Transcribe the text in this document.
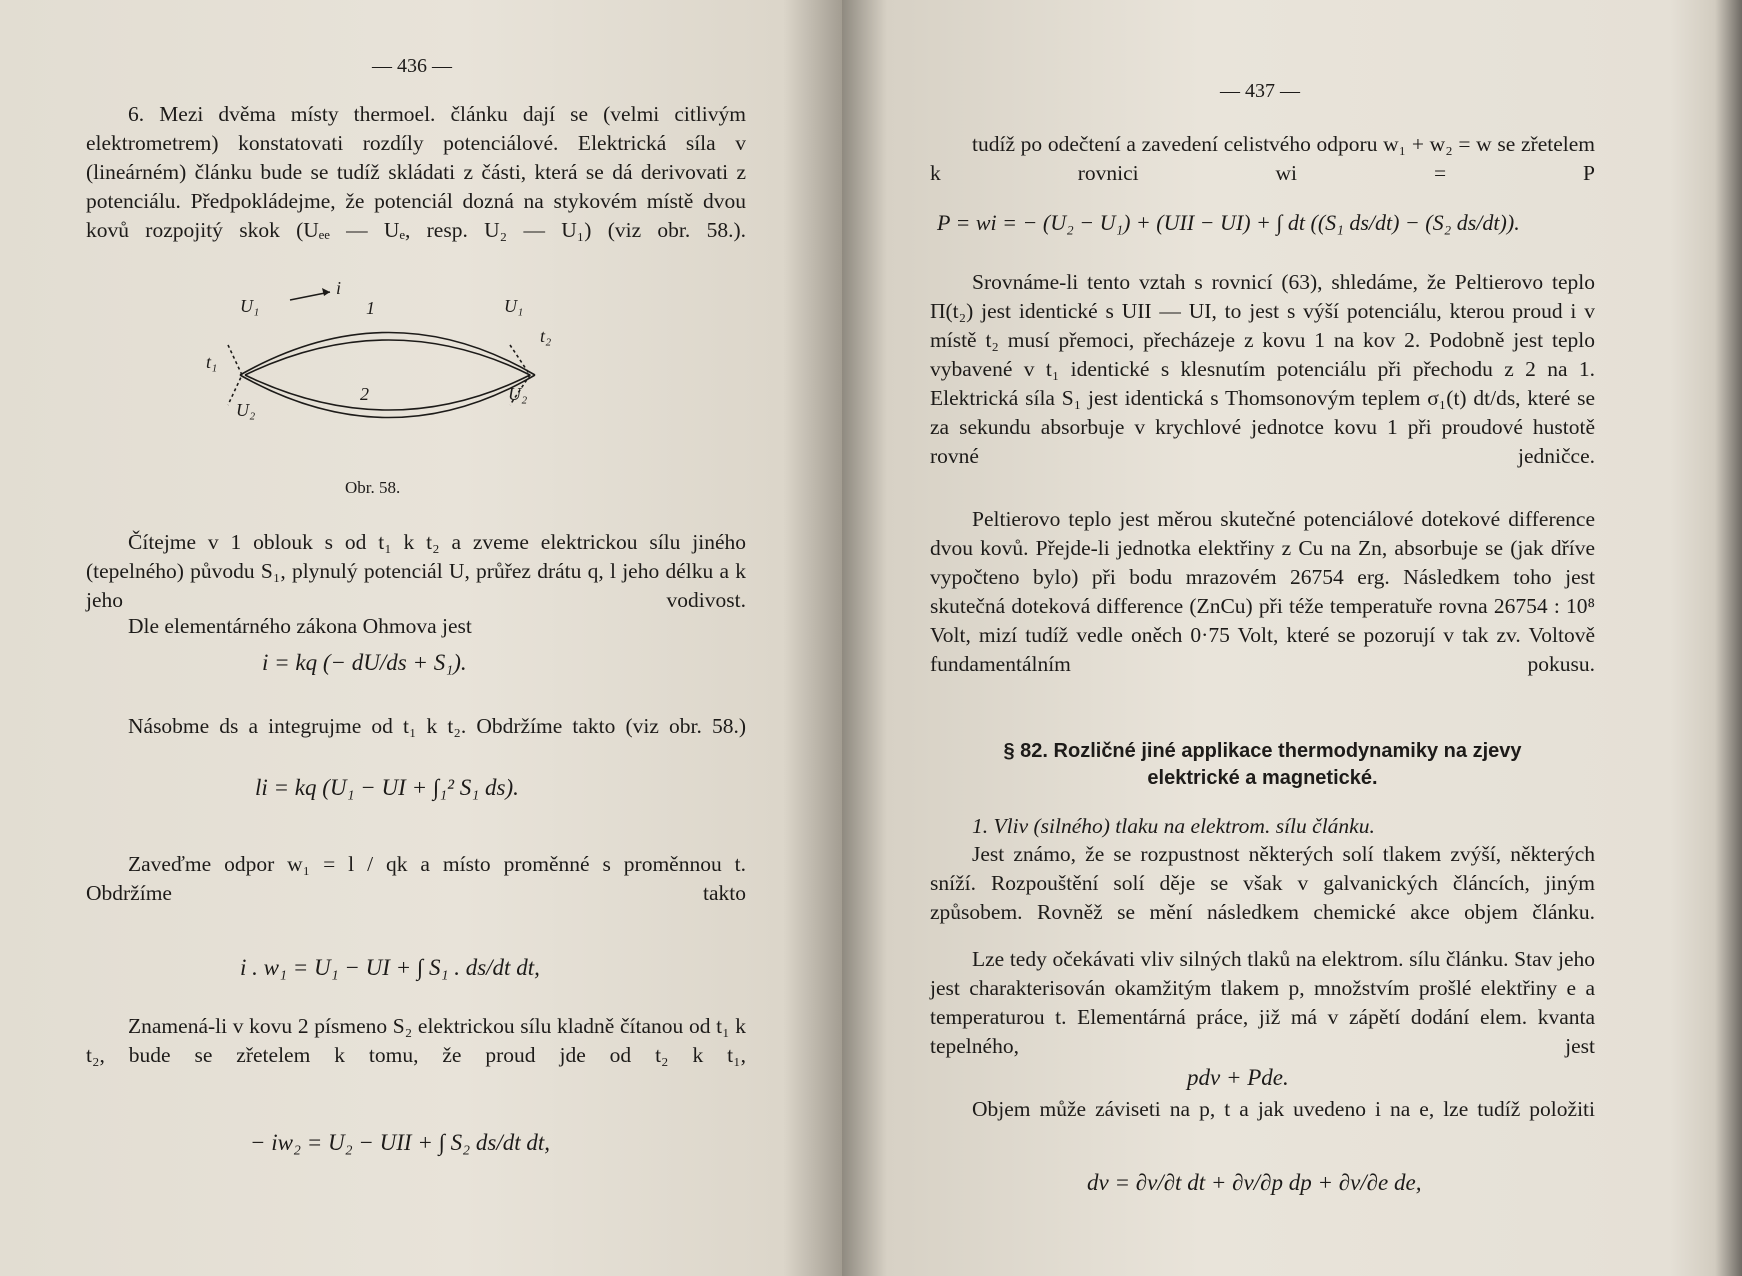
— 436 —
6. Mezi dvěma místy thermoel. článku dají se (velmi citlivým elektrometrem) konstatovati rozdíly potenciálové. Elektrická síla v (lineárném) článku bude se tudíž skládati z části, která se dá derivovati z potenciálu. Předpokládejme, že potenciál dozná na stykovém místě dvou kovů rozpojitý skok (Uₑₑ — Uₑ, resp. U₂ — U₁) (viz obr. 58.).
i
U₁	1	U₁
t₁
t₂
2
U₂
U₂
Obr. 58.
Čítejme v 1 oblouk s od t₁ k t₂ a zveme elektrickou sílu jiného (tepelného) původu S₁, plynulý potenciál U, průřez drátu q, l jeho délku a k jeho vodivost.
Dle elementárného zákona Ohmova jest
i = kq (− dU/ds + S₁).
Násobme ds a integrujme od t₁ k t₂. Obdržíme takto (viz obr. 58.)
li = kq (U₁ − UI + ∫₁² S₁ ds).
Zaveďme odpor w₁ = l / qk a místo proměnné s proměnnou t. Obdržíme takto
i . w₁ = U₁ − UI + ∫ S₁ . ds/dt dt,
Znamená-li v kovu 2 písmeno S₂ elektrickou sílu kladně čítanou od t₁ k t₂, bude se zřetelem k tomu, že proud jde od t₂ k t₁,
− iw₂ = U₂ − UII + ∫ S₂ ds/dt dt,
— 437 —
tudíž po odečtení a zavedení celistvého odporu w₁ + w₂ = w se zřetelem k rovnici wi = P
P = wi = − (U₂ − U₁) + (UII − UI) + ∫ dt ((S₁ ds/dt) − (S₂ ds/dt)).
Srovnáme-li tento vztah s rovnicí (63), shledáme, že Peltierovo teplo Π(t₂) jest identické s UII — UI, to jest s výší potenciálu, kterou proud i v místě t₂ musí přemoci, přecházeje z kovu 1 na kov 2. Podobně jest teplo vybavené v t₁ identické s klesnutím potenciálu při přechodu z 2 na 1. Elektrická síla S₁ jest identická s Thomsonovým teplem σ₁(t) dt/ds, které se za sekundu absorbuje v krychlové jednotce kovu 1 při proudové hustotě rovné jedničce.
Peltierovo teplo jest měrou skutečné potenciálové dotekové difference dvou kovů. Přejde-li jednotka elektřiny z Cu na Zn, absorbuje se (jak dříve vypočteno bylo) při bodu mrazovém 26754 erg. Následkem toho jest skutečná doteková difference (ZnCu) při téže temperatuře rovna 26754 : 10⁸ Volt, mizí tudíž vedle oněch 0·75 Volt, které se pozorují v tak zv. Voltově fundamentálním pokusu.
§ 82. Rozličné jiné applikace thermodynamiky na zjevy
elektrické a magnetické.
1. Vliv (silného) tlaku na elektrom. sílu článku.
Jest známo, že se rozpustnost některých solí tlakem zvýší, některých sníží. Rozpouštění solí děje se však v galvanických článcích, jiným způsobem. Rovněž se mění následkem chemické akce objem článku.
Lze tedy očekávati vliv silných tlaků na elektrom. sílu článku. Stav jeho jest charakterisován okamžitým tlakem p, množstvím prošlé elektřiny e a temperaturou t. Elementárná práce, již má v zápětí dodání elem. kvanta tepelného, jest
pdv + Pde.
Objem může záviseti na p, t a jak uvedeno i na e, lze tudíž položiti
dv = ∂v/∂t dt + ∂v/∂p dp + ∂v/∂e de,
